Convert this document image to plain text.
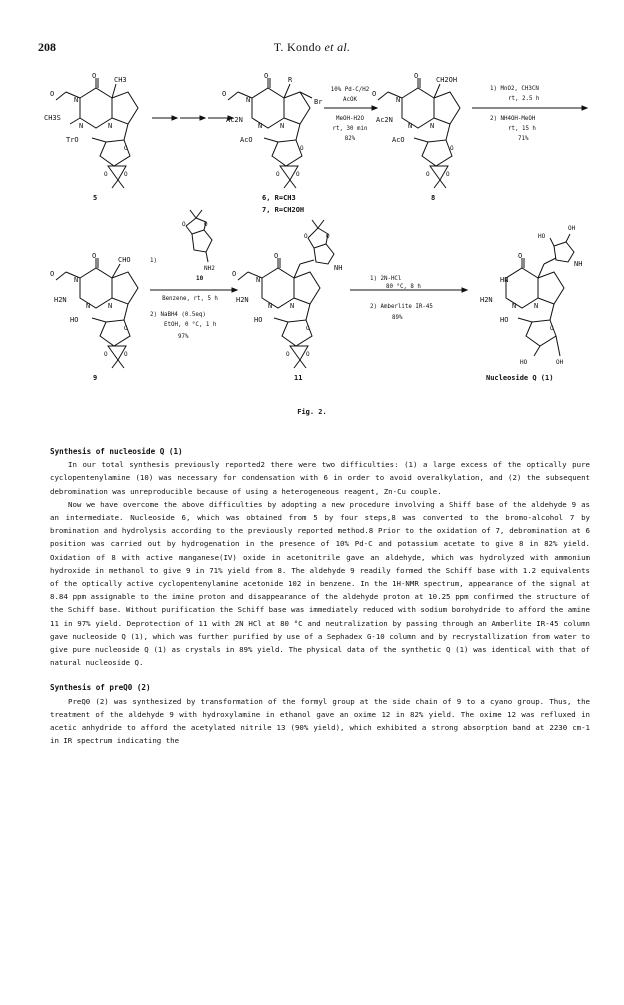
208	T. Kondo et al.
O	CH3
N
CH3S
N	N
O
TrO
O
O	O
5
O	R
Br
N
Ac2N
N	N
O
AcO
O
O	O
6, R=CH3
7, R=CH2OH
10% Pd-C/H2
AcOK
MeOH-H2O
rt, 30 min
82%
O	CH2OH
N
Ac2N
N	N
O
AcO
O
O	O
8
1) MnO2, CH3CN
rt, 2.5 h
2) NH4OH-MeOH
rt, 15 h
71%
O	CHO
N
H2N
N	N
O
HO
O
O	O
9
O	O
NH2
1)
10
Benzene, rt, 5 h
2) NaBH4 (0.5eq)
EtOH, 0 °C, 1 h
97%
O
NH
O	O
N
H2N
N	N
O
HO
O
O	O
11
1) 2N-HCl
80 °C, 8 h
2) Amberlite IR-45
89%
O
OH
HO
NH
HN
H2N
N	N
HO
O
HO	OH
Nucleoside Q (1)
Fig. 2.
Synthesis of nucleoside Q (1)

In our total synthesis previously reported2 there were two difficulties: (1) a large excess of the optically pure cyclopentenylamine (10) was necessary for condensation with 6 in order to avoid overalkylation, and (2) the subsequent debromination was unreproducible because of using a heterogeneous reagent, Zn-Cu couple.

Now we have overcome the above difficulties by adopting a new procedure involving a Shiff base of the aldehyde 9 as an intermediate. Nucleoside 6, which was obtained from 5 by four steps,8 was converted to the bromo-alcohol 7 by bromination and hydrolysis according to the previously reported method.8 Prior to the oxidation of 7, debromination at 6 position was carried out by hydrogenation in the presence of 10% Pd-C and potassium acetate to give 8 in 82% yield. Oxidation of 8 with active manganese(IV) oxide in acetonitrile gave an aldehyde, which was hydrolyzed with ammonium hydroxide in methanol to give 9 in 71% yield from 8. The aldehyde 9 readily formed the Schiff base with 1.2 equivalents of the optically active cyclopentenylamine acetonide 102 in benzene. In the 1H-NMR spectrum, appearance of the signal at 8.84 ppm assignable to the imine proton and disappearance of the aldehyde proton at 10.25 ppm confirmed the structure of the Schiff base. Without purification the Schiff base was immediately reduced with sodium borohydride to afford the amine 11 in 97% yield. Deprotection of 11 with 2N HCl at 80 °C and neutralization by passing through an Amberlite IR-45 column gave nucleoside Q (1), which was further purified by use of a Sephadex G-10 column and by recrystallization from water to give pure nucleoside Q (1) as crystals in 89% yield. The physical data of the synthetic Q (1) was identical with that of natural nucleoside Q.

Synthesis of preQ0 (2)

PreQ0 (2) was synthesized by transformation of the formyl group at the side chain of 9 to a cyano group. Thus, the treatment of the aldehyde 9 with hydroxylamine in ethanol gave an oxime 12 in 82% yield. The oxime 12 was refluxed in acetic anhydride to afford the acetylated nitrile 13 (90% yield), which exhibited a strong absorption band at 2230 cm-1 in IR spectrum indicating the
